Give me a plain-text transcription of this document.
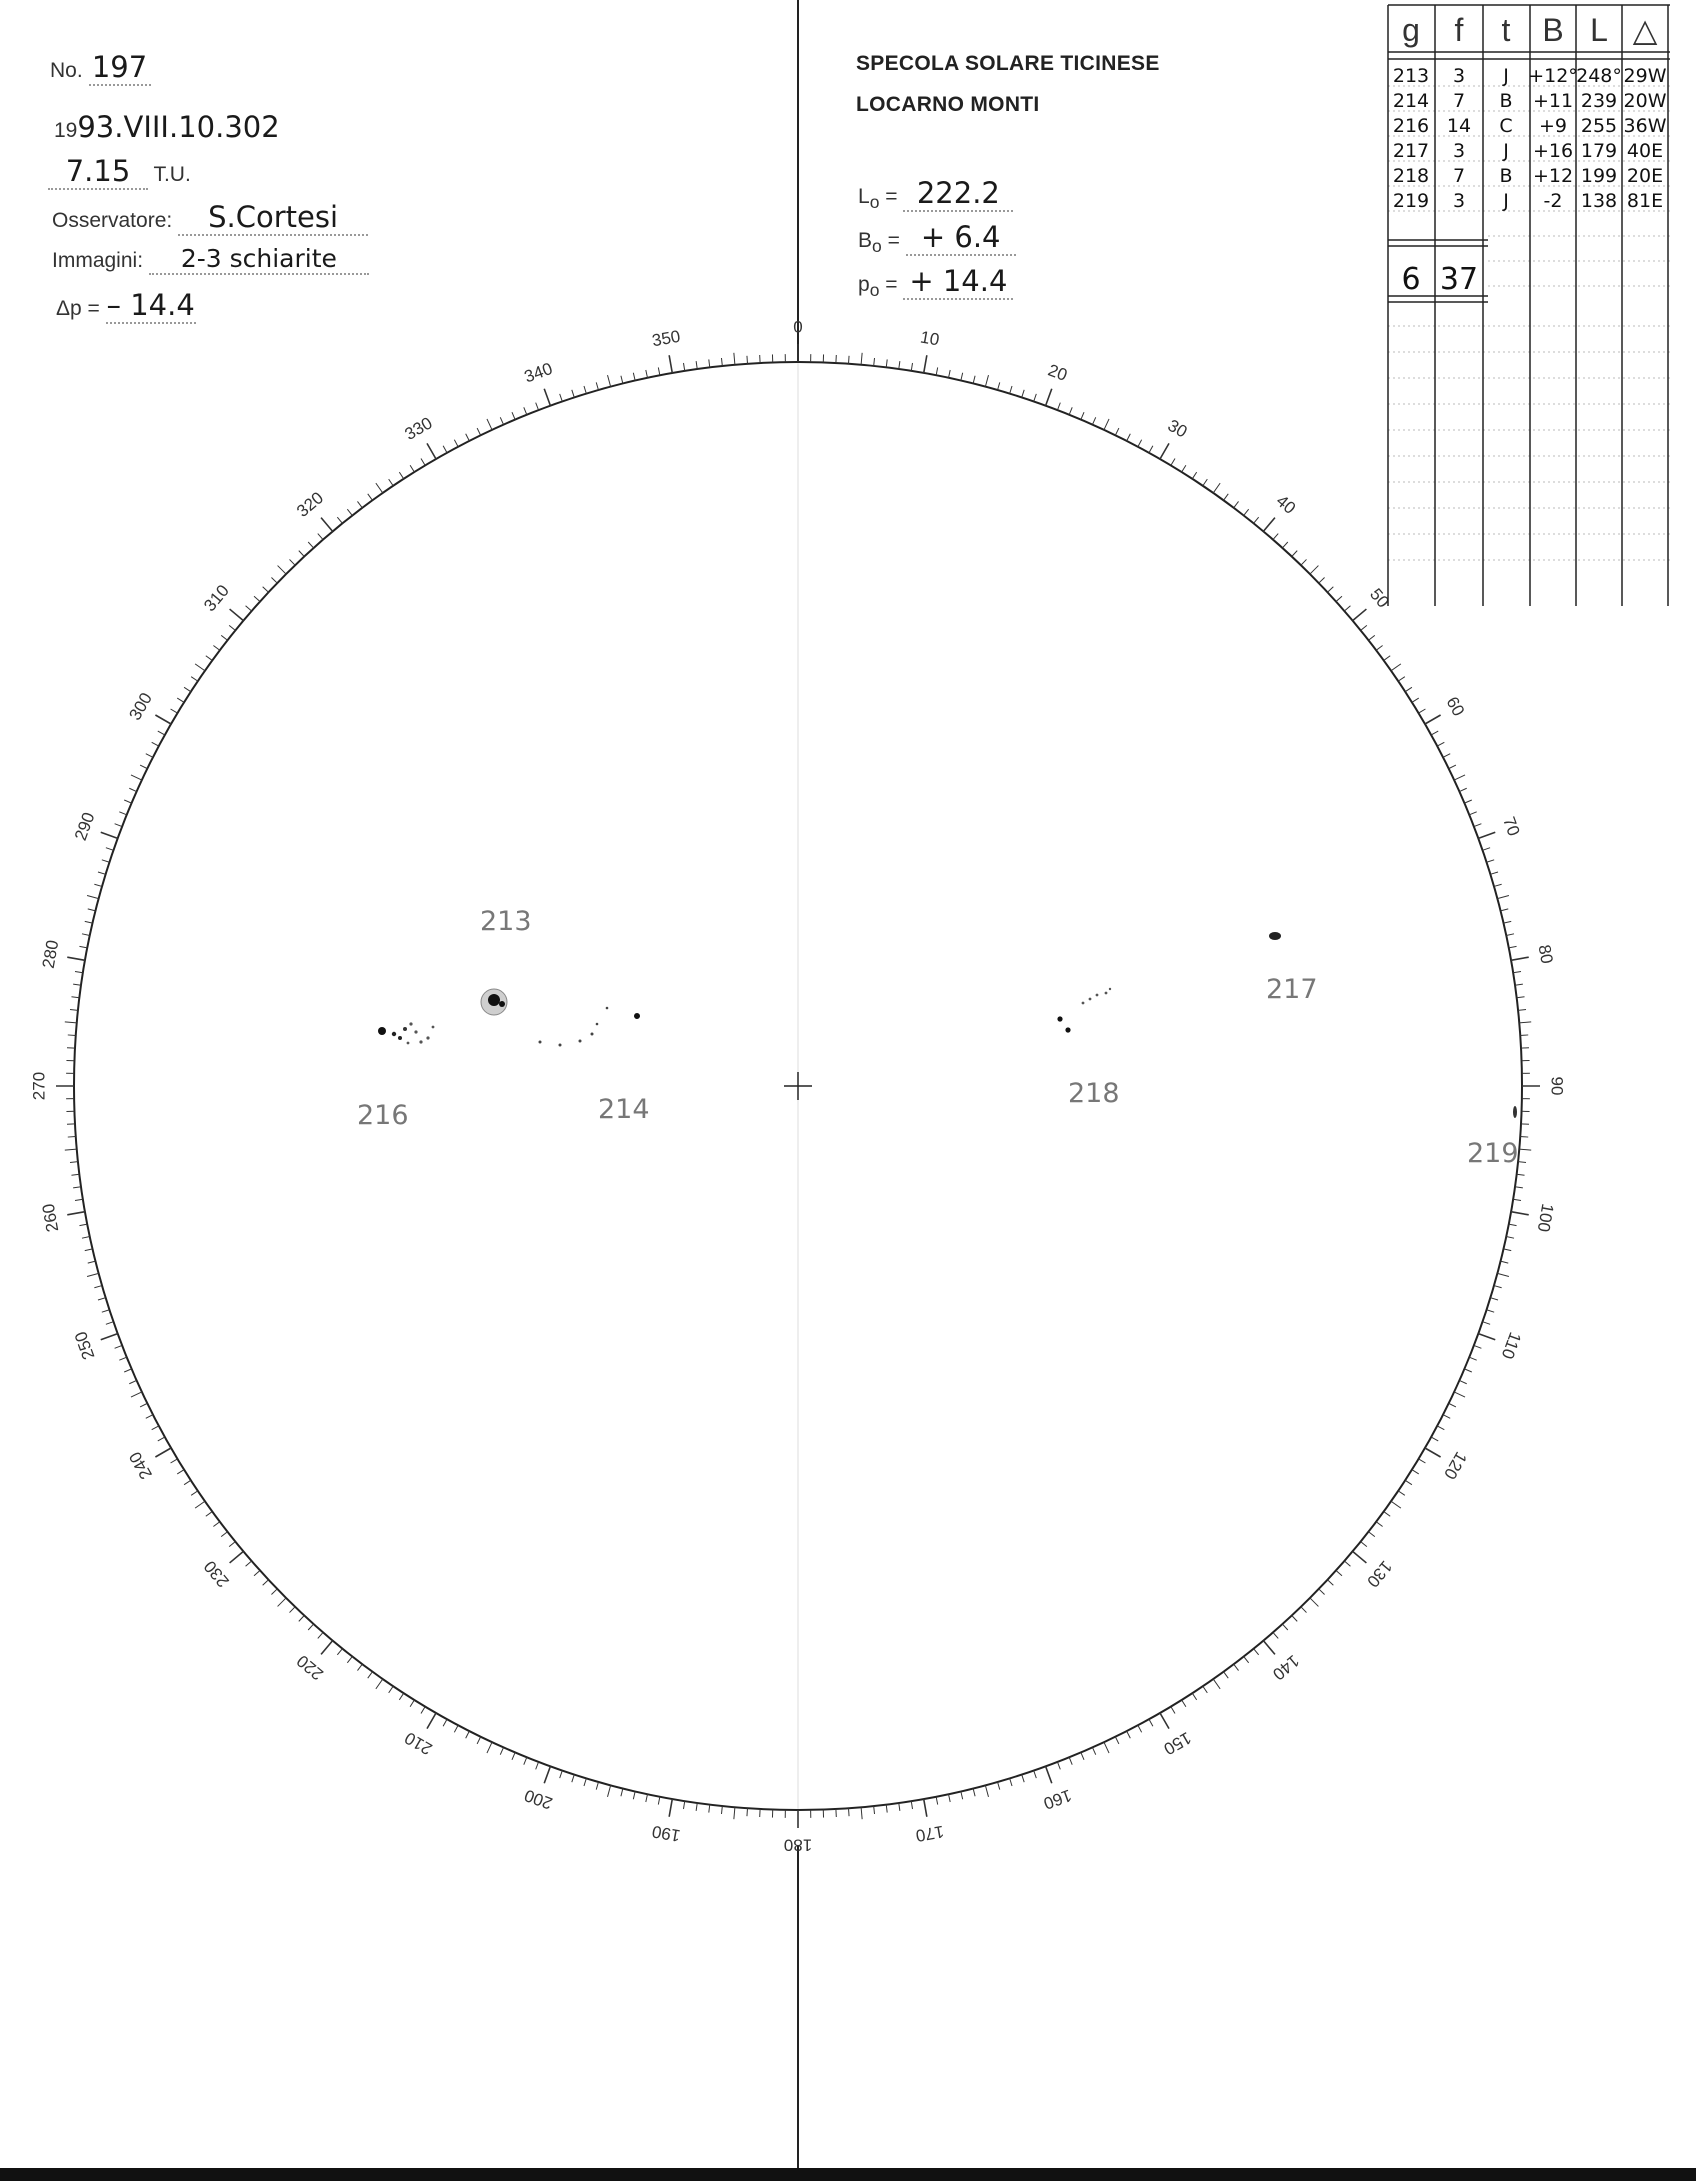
No. 197
1993.VIII.10.302
7.15 T.U.
Osservatore: S.Cortesi
Immagini: 2-3 schiarite
Δp = – 14.4
SPECOLA SOLARE TICINESE
LOCARNO MONTI
$L_o = 222.2$
$B_o$ = + 6.4
$p_o$ = + 14.4
0
10
20
30
40
50
60
70
80
90
100
110
120
130
140
150
160
170
180
190
200
210
220
230
240
250
260
270
280
290
300
310
320
330
340
350
213
214
216
217
218
219
g f t B L △
213 3 J +12°
248° 29W
214 7 B +11 239 20W
216 14 C +9 255 36W
217 3 J +16 179 40E
218 7 B +12 199 20E
219 3 J -2 138 81E
6 37
